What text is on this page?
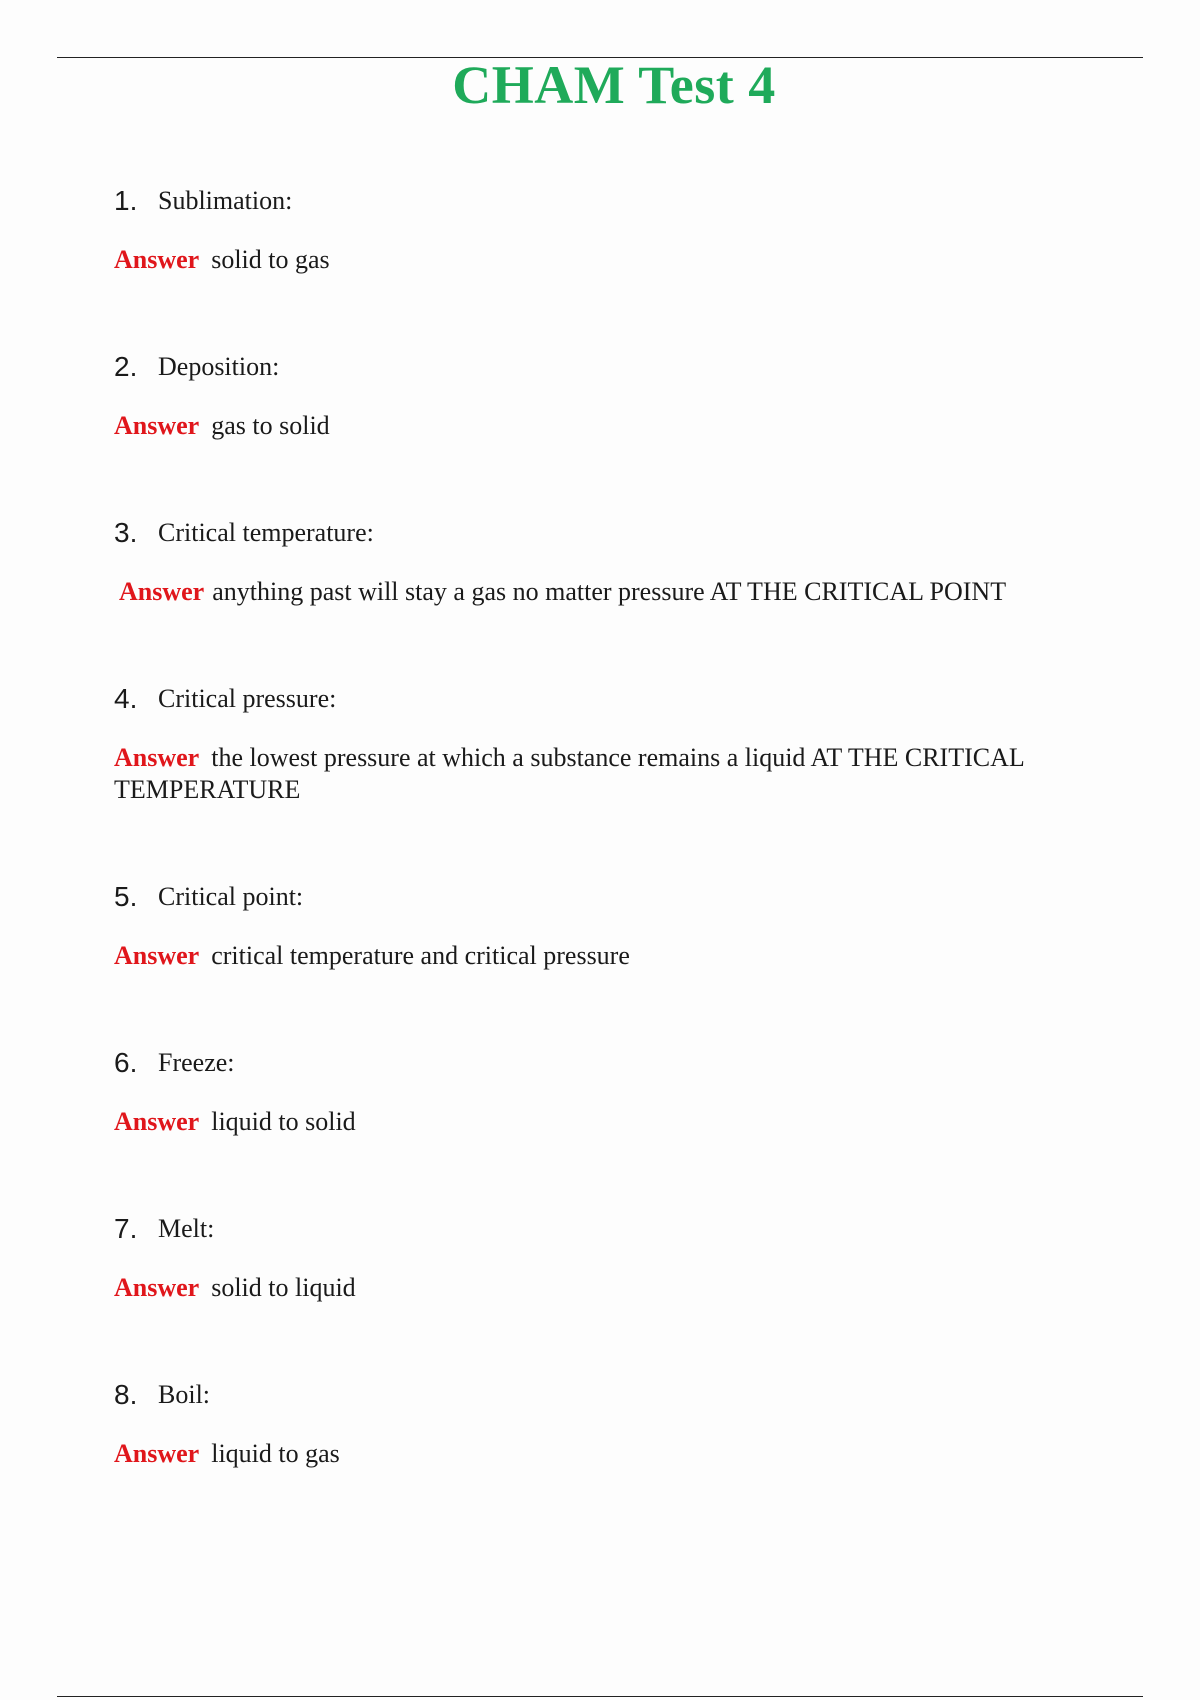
CHAM Test 4
1. Sublimation:
Answer solid to gas
2. Deposition:
Answer gas to solid
3. Critical temperature:
Answer anything past will stay a gas no matter pressure AT THE CRITICAL POINT
4. Critical pressure:
Answer the lowest pressure at which a substance remains a liquid AT THE CRITICAL TEMPERATURE
5. Critical point:
Answer critical temperature and critical pressure
6. Freeze:
Answer liquid to solid
7. Melt:
Answer solid to liquid
8. Boil:
Answer liquid to gas
